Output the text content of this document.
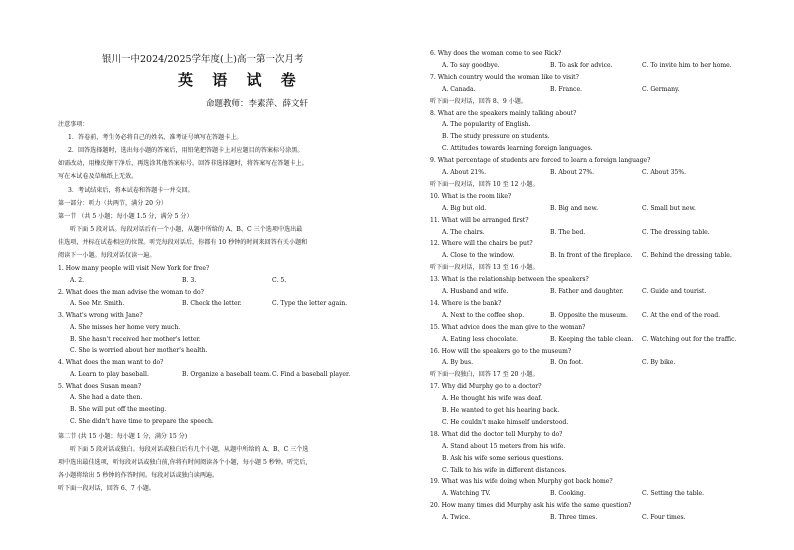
银川一中2024/2025学年度(上)高一第一次月考
英 语 试 卷
命题教师：李素萍、薛文轩
注意事项：
1．答卷前，考生务必将自己的姓名、准考证号填写在答题卡上。
2．回答选择题时，选出每小题的答案后，用铅笔把答题卡上对应题目的答案标号涂黑。
如需改动，用橡皮擦干净后，再选涂其他答案标号。回答非选择题时，将答案写在答题卡上。
写在本试卷及草稿纸上无效。
3．考试结束后，将本试卷和答题卡一并交回。
第一部分：听力（共两节，满分 20 分）
第一节 （共 5 小题；每小题 1.5 分，满分 5 分）
听下面 5 段对话。每段对话后有一个小题，从题中所给的 A、B、C 三个选项中选出最
佳选项，并标在试卷相应的位置。听完每段对话后，你都有 10 秒钟的时间来回答有关小题和
阅读下一小题。每段对话仅读一遍。
1. How many people will visit New York for free?
A. 2.	B. 3.	C. 5.
2. What does the man advise the woman to do?
A. See Mr. Smith.	B. Check the letter.	C. Type the letter again.
3. What's wrong with Jane?
A. She misses her home very much.
B. She hasn't received her mother's letter.
C. She is worried about her mother's health.
4. What does the man want to do?
A. Learn to play baseball.	B. Organize a baseball team. C. Find a baseball player.
5. What does Susan mean?
A. She had a date then.
B. She will put off the meeting.
C. She didn't have time to prepare the speech.
第二节 (共 15 小题；每小题 1 分，满分 15 分)
听下面 5 段对话或独白。每段对话或独白后有几个小题，从题中所给的 A、B、C 三个选
项中选出最佳选项，听每段对话或独白前,你将有时间阅读各个小题，每小题 5 秒钟。听完后,
各小题将给出 5 秒钟的作答时间。每段对话或独白读两遍。
听下面一段对话，回答 6、7 小题。
6. Why does the woman come to see Rick?
A. To say goodbye.	B. To ask for advice.	C. To invite him to her home.
7. Which country would the woman like to visit?
A. Canada.	B. France.	C. Germany.
听下面一段对话，回答 8、9 小题。
8. What are the speakers mainly talking about?
A. The popularity of English.
B. The study pressure on students.
C. Attitudes towards learning foreign languages.
9. What percentage of students are forced to learn a foreign language?
A. About 21%.	B. About 27%.	C. About 35%.
听下面一段对话，回答 10 至 12 小题。
10. What is the room like?
A. Big but old.	B. Big and new.	C. Small but new.
11. What will be arranged first?
A. The chairs.	B. The bed.	C. The dressing table.
12. Where will the chairs be put?
A. Close to the window.	B. In front of the fireplace. C. Behind the dressing table.
听下面一段对话，回答 13 至 16 小题。
13. What is the relationship between the speakers?
A. Husband and wife.	B. Father and daughter.	C. Guide and tourist.
14. Where is the bank?
A. Next to the coffee shop.	B. Opposite the museum. C. At the end of the road.
15. What advice does the man give to the woman?
A. Eating less chocolate.	B. Keeping the table clean. C. Watching out for the traffic.
16. How will the speakers go to the museum?
A. By bus.	B. On foot.	C. By bike.
听下面一段独白，回答 17 至 20 小题。
17. Why did Murphy go to a doctor?
A. He thought his wife was deaf.
B. He wanted to get his hearing back.
C. He couldn't make himself understood.
18. What did the doctor tell Murphy to do?
A. Stand about 15 meters from his wife.
B. Ask his wife some serious questions.
C. Talk to his wife in different distances.
19. What was his wife doing when Murphy got back home?
A. Watching TV.	B. Cooking.	C. Setting the table.
20. How many times did Murphy ask his wife the same question?
A. Twice.	B. Three times.	C. Four times.
